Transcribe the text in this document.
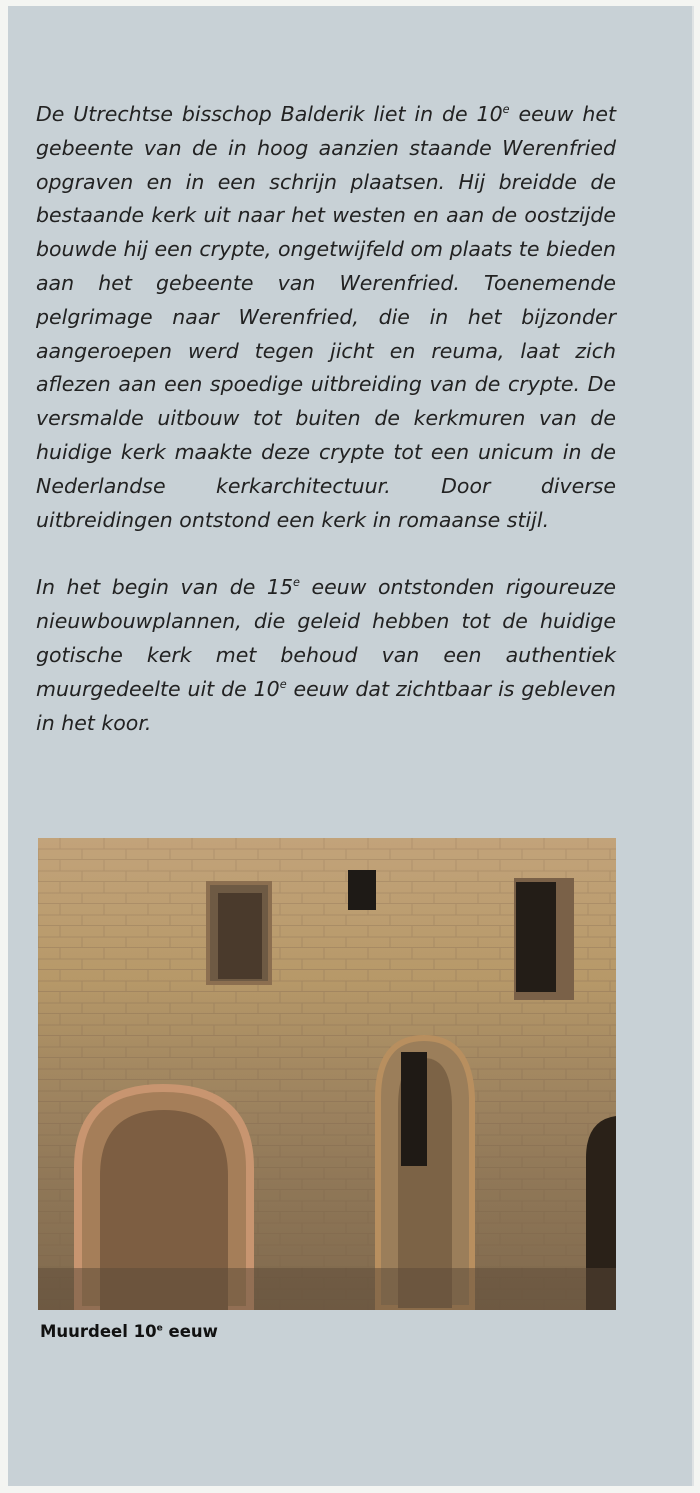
De Utrechtse bisschop Balderik liet in de 10e eeuw het gebeente van de in hoog aanzien staande Werenfried opgraven en in een schrijn plaatsen. Hij breidde de bestaande kerk uit naar het westen en aan de oostzijde bouwde hij een crypte, ongetwijfeld om plaats te bieden aan het gebeente van Werenfried. Toenemende pelgrimage naar Werenfried, die in het bijzonder aangeroepen werd tegen jicht en reuma, laat zich aflezen aan een spoedige uitbreiding van de crypte. De versmalde uitbouw tot buiten de kerkmuren van de huidige kerk maakte deze crypte tot een unicum in de Nederlandse kerkarchitectuur. Door diverse uitbreidingen ontstond een kerk in romaanse stijl.

In het begin van de 15e eeuw ontstonden rigoureuze nieuwbouwplannen, die geleid hebben tot de huidige gotische kerk met behoud van een authentiek muurgedeelte uit de 10e eeuw dat zichtbaar is gebleven in het koor.

Muurdeel 10e eeuw
